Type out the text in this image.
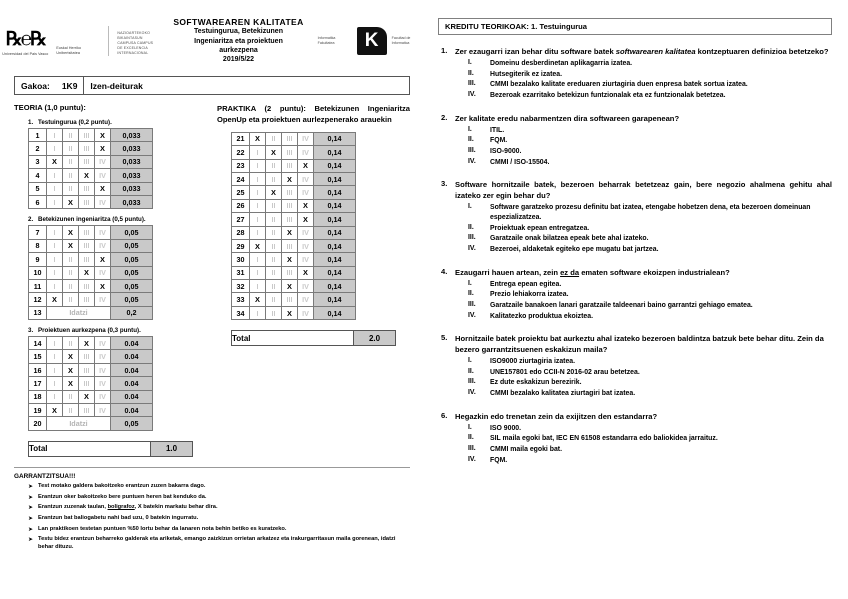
℞℮℞
Universidad del Pais Vasco
Euskal Herriko Unibertsitatea
NAZIOARTEKOKO BIKAINTASUN CAMPUSA CAMPUS DE EXCELENCIA INTERNACIONAL
SOFTWAREAREN KALITATEA
Testuingurua, Betekizunen
Ingeniaritza eta proiektuen
aurkezpena
2019/5/22
Informatika Fakultatea	K	Facultad de Informatica
Gakoa: 1K9 Izen-deiturak
TEORIA (1,0 puntu):
1. Testuingurua (0,2 puntu).
1	I	II	III	X	0,033
2	I	II	III	X	0,033
3	X	II	III	IV	0,033
4	I	II	X	IV	0,033
5	I	II	III	X	0,033
6	I	X	III	IV	0,033
2. Betekizunen ingeniaritza (0,5 puntu).
7	I	X	III	IV	0,05
8	I	X	III	IV	0,05
9	I	II	III	X	0,05
10	I	II	X	IV	0,05
11	I	II	III	X	0,05
12	X	II	III	IV	0,05
13	Idatzi				0,2
3. Proiektuen aurkezpena (0,3 puntu).
14	I	II	X	IV	0.04
15	I	X	III	IV	0.04
16	I	X	III	IV	0.04
17	I	X	III	IV	0.04
18	I	II	X	IV	0.04
19	X	II	III	IV	0.04
20	Idatzi				0,05
Total	1.0
PRAKTIKA (2 puntu): Betekizunen Ingeniaritza OpenUp eta proiektuen aurlezpenerako arauekin
21	X	II	III	IV	0,14
22	I	X	III	IV	0,14
23	I	II	III	X	0,14
24	I	II	X	IV	0,14
25	I	X	III	IV	0,14
26	I	II	III	X	0,14
27	I	II	III	X	0,14
28	I	II	X	IV	0,14
29	X	II	III	IV	0,14
30	I	II	X	IV	0,14
31	I	II	III	X	0,14
32	I	II	X	IV	0,14
33	X	II	III	IV	0,14
34	I	II	X	IV	0,14
Total	2.0
GARRANTZITSUA!!!
➤ Test motako galdera bakoitzeko erantzun zuzen bakarra dago.
➤ Erantzun oker bakoitzeko bere puntuen heren bat kenduko da.
➤ Erantzun zuzenak taulan, boligrafoz, X batekin markatu behar dira.
➤ Erantzun bat baliogabetu nahi bad uzu, 0 batekin ingurratu.
➤ Lan praktikoen testetan puntuen %50 lortu behar da lanaren nota behin betiko es kuratzeko.
➤ Testu bidez erantzun beharreko galderak eta ariketak, emango zaizkizun orrietan arkatzez eta irakurgarritasun maila gorenean, idatzi behar dituzu.
KREDITU TEORIKOAK: 1. Testuingurua
1.	Zer ezaugarri izan behar ditu software batek softwarearen kalitatea kontzeptuaren definizioa betetzeko?
I.	Domeinu desberdinetan aplikagarria izatea.
II.	Hutsegiterik ez izatea.
III.	CMMI bezalako kalitate ereduaren ziurtagiria duen enpresa batek sortua izatea.
IV.	Bezeroak ezarritako betekizun funtzionalak eta ez funtzionalak betetzea.
2.	Zer kalitate eredu nabarmentzen dira softwareen garapenean?
I.	ITIL.
II.	FQM.
III.	ISO-9000.
IV.	CMMI / ISO-15504.
3.	Software hornitzaile batek, bezeroen beharrak betetzeaz gain, bere negozio ahalmena gehitu ahal izateko zer egin behar du?
I.	Software garatzeko prozesu definitu bat izatea, etengabe hobetzen dena, eta bezeroen domeinuan espezializatzea.
II.	Proiektuak epean entregatzea.
III.	Garatzaile onak bilatzea epeak bete ahal izateko.
IV.	Bezeroei, aldaketak egiteko epe mugatu bat jartzea.
4.	Ezaugarri hauen artean, zein ez da ematen software ekoizpen industrialean?
I.	Entrega epean egitea.
II.	Prezio lehiakorra izatea.
III.	Garatzaile banakoen lanari garatzaile taldeenari baino garrantzi gehiago ematea.
IV.	Kalitatezko produktua ekoiztea.
5.	Hornitzaile batek proiektu bat aurkeztu ahal izateko bezeroen baldintza batzuk bete behar ditu. Zein da bezero garrantzitsuenen eskakizun maila?
I.	ISO9000 ziurtagiria izatea.
II.	UNE157801 edo CCII-N 2016-02 arau betetzea.
III.	Ez dute eskakizun berezirik.
IV.	CMMI bezalako kalitatea ziurtagiri bat izatea.
6.	Hegazkin edo trenetan zein da exijitzen den estandarra?
I.	ISO 9000.
II.	SIL maila egoki bat, IEC EN 61508 estandarra edo baliokidea jarraituz.
III.	CMMI maila egoki bat.
IV.	FQM.
